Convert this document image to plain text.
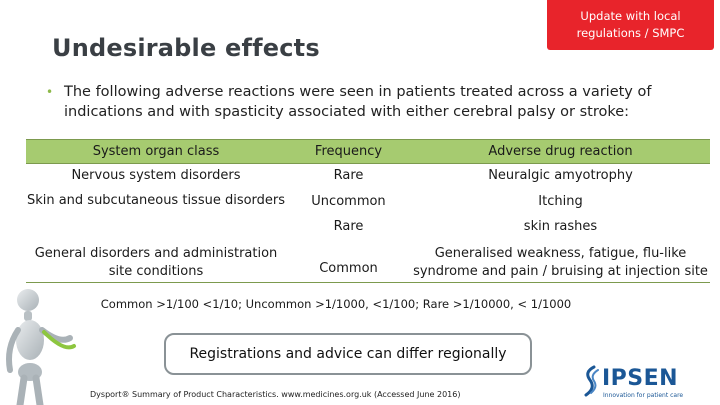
Update with local regulations / SMPC
Undesirable effects
• The following adverse reactions were seen in patients treated across a variety of indications and with spasticity associated with either cerebral palsy or stroke:
System organ class	Frequency	Adverse drug reaction
Nervous system disorders	Rare	Neuralgic amyotrophy
Skin and subcutaneous tissue disorders	Uncommon	Itching
	Rare	skin rashes
General disorders and administration site conditions	Common	Generalised weakness, fatigue, flu-like syndrome and pain / bruising at injection site
Common >1/100 <1/10; Uncommon >1/1000, <1/100; Rare >1/10000, < 1/1000
Registrations and advice can differ regionally
Dysport® Summary of Product Characteristics. www.medicines.org.uk (Accessed June 2016)
IPSEN
Innovation for patient care
